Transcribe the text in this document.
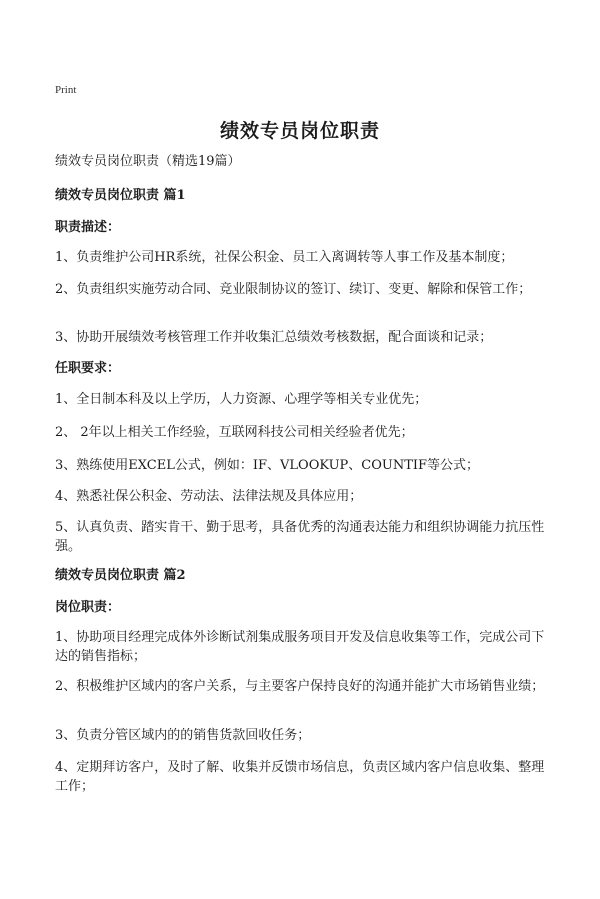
Print
绩效专员岗位职责
绩效专员岗位职责（精选19篇）
绩效专员岗位职责 篇1
职责描述：
1、负责维护公司HR系统，社保公积金、员工入离调转等人事工作及基本制度；
2、负责组织实施劳动合同、竞业限制协议的签订、续订、变更、解除和保管工作；
3、协助开展绩效考核管理工作并收集汇总绩效考核数据，配合面谈和记录；
任职要求：
1、全日制本科及以上学历，人力资源、心理学等相关专业优先；
2、 2年以上相关工作经验，互联网科技公司相关经验者优先；
3、熟练使用EXCEL公式，例如：IF、VLOOKUP、COUNTIF等公式；
4、熟悉社保公积金、劳动法、法律法规及具体应用；
5、认真负责、踏实肯干、勤于思考，具备优秀的沟通表达能力和组织协调能力抗压性强。
绩效专员岗位职责 篇2
岗位职责：
1、协助项目经理完成体外诊断试剂集成服务项目开发及信息收集等工作，完成公司下达的销售指标；
2、积极维护区域内的客户关系，与主要客户保持良好的沟通并能扩大市场销售业绩；
3、负责分管区域内的的销售货款回收任务；
4、定期拜访客户，及时了解、收集并反馈市场信息，负责区域内客户信息收集、整理工作；
